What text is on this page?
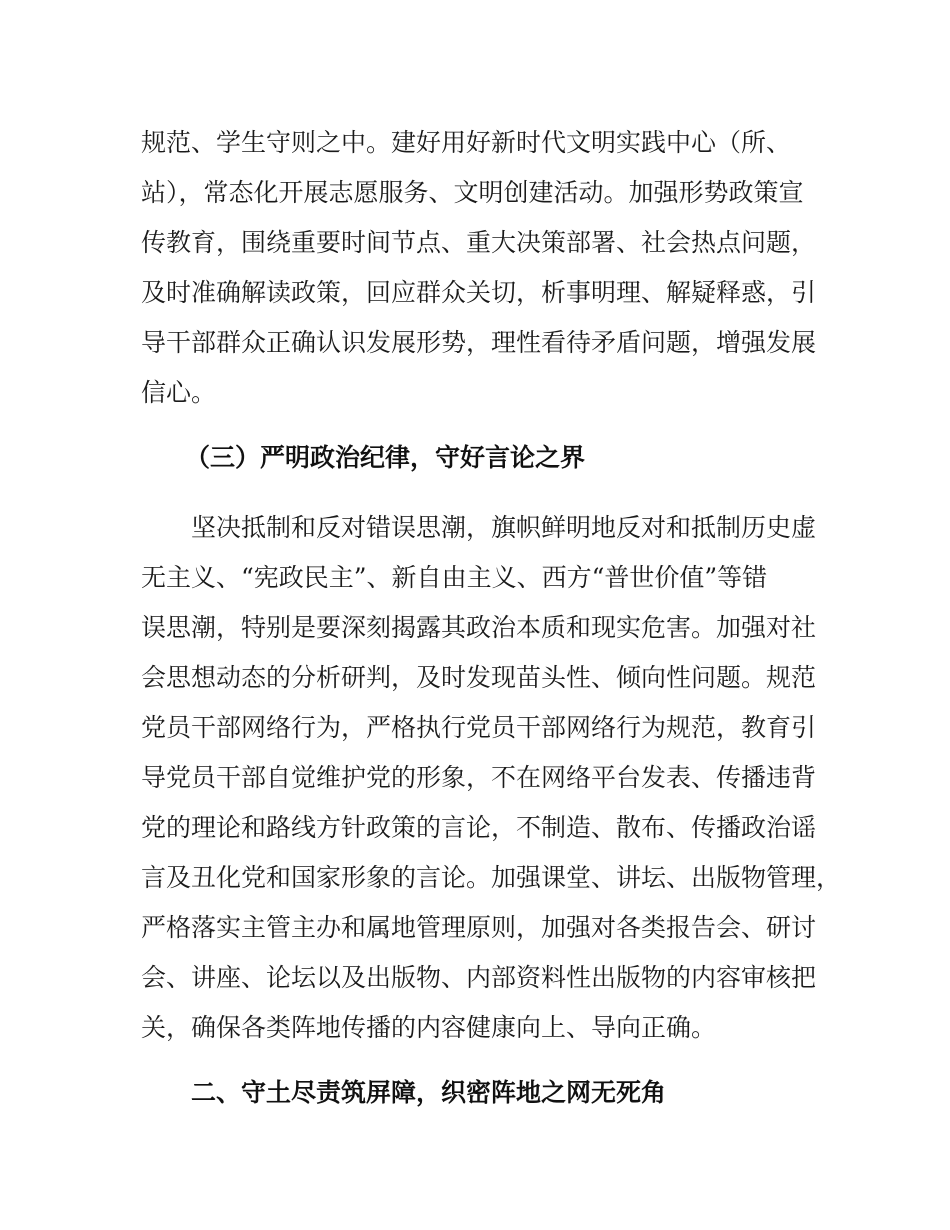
规范、学生守则之中。建好用好新时代文明实践中心（所、
站），常态化开展志愿服务、文明创建活动。加强形势政策宣
传教育，围绕重要时间节点、重大决策部署、社会热点问题，
及时准确解读政策，回应群众关切，析事明理、解疑释惑，引
导干部群众正确认识发展形势，理性看待矛盾问题，增强发展
信心。
（三）严明政治纪律，守好言论之界
坚决抵制和反对错误思潮，旗帜鲜明地反对和抵制历史虚
无主义、“宪政民主”、新自由主义、西方“普世价值”等错
误思潮，特别是要深刻揭露其政治本质和现实危害。加强对社
会思想动态的分析研判，及时发现苗头性、倾向性问题。规范
党员干部网络行为，严格执行党员干部网络行为规范，教育引
导党员干部自觉维护党的形象，不在网络平台发表、传播违背
党的理论和路线方针政策的言论，不制造、散布、传播政治谣
言及丑化党和国家形象的言论。加强课堂、讲坛、出版物管理，
严格落实主管主办和属地管理原则，加强对各类报告会、研讨
会、讲座、论坛以及出版物、内部资料性出版物的内容审核把
关，确保各类阵地传播的内容健康向上、导向正确。
二、守土尽责筑屏障，织密阵地之网无死角
